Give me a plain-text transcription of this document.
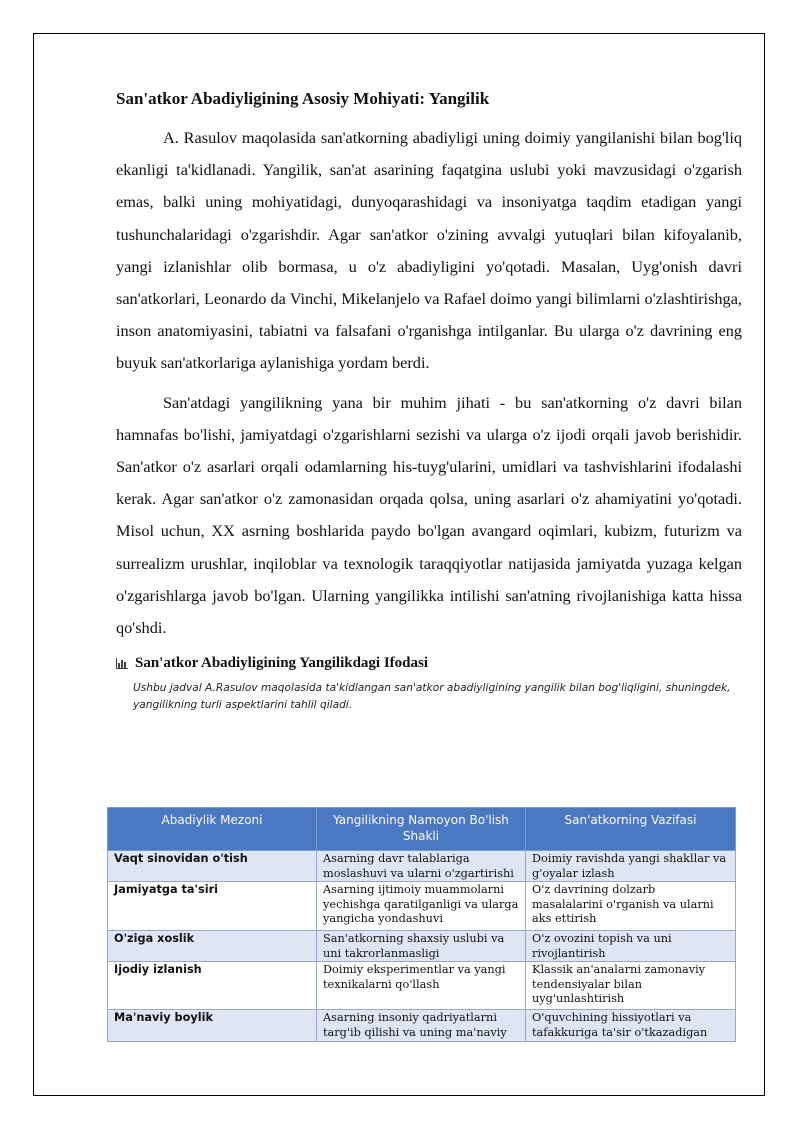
San'atkor Abadiyligining Asosiy Mohiyati: Yangilik

A. Rasulov maqolasida san'atkorning abadiyligi uning doimiy yangilanishi bilan bog'liq ekanligi ta'kidlanadi. Yangilik, san'at asarining faqatgina uslubi yoki mavzusidagi o'zgarish emas, balki uning mohiyatidagi, dunyoqarashidagi va insoniyatga taqdim etadigan yangi tushunchalaridagi o'zgarishdir. Agar san'atkor o'zining avvalgi yutuqlari bilan kifoyalanib, yangi izlanishlar olib bormasa, u o'z abadiyligini yo'qotadi. Masalan, Uyg'onish davri san'atkorlari, Leonardo da Vinchi, Mikelanjelo va Rafael doimo yangi bilimlarni o'zlashtirishga, inson anatomiyasini, tabiatni va falsafani o'rganishga intilganlar. Bu ularga o'z davrining eng buyuk san'atkorlariga aylanishiga yordam berdi.

San'atdagi yangilikning yana bir muhim jihati - bu san'atkorning o'z davri bilan hamnafas bo'lishi, jamiyatdagi o'zgarishlarni sezishi va ularga o'z ijodi orqali javob berishidir. San'atkor o'z asarlari orqali odamlarning his-tuyg'ularini, umidlari va tashvishlarini ifodalashi kerak. Agar san'atkor o'z zamonasidan orqada qolsa, uning asarlari o'z ahamiyatini yo'qotadi. Misol uchun, XX asrning boshlarida paydo bo'lgan avangard oqimlari, kubizm, futurizm va surrealizm urushlar, inqiloblar va texnologik taraqqiyotlar natijasida jamiyatda yuzaga kelgan o'zgarishlarga javob bo'lgan. Ularning yangilikka intilishi san'atning rivojlanishiga katta hissa qo'shdi.

San'atkor Abadiyligining Yangilikdagi Ifodasi
Ushbu jadval A.Rasulov maqolasida ta'kidlangan san'atkor abadiyligining yangilik bilan bog'liqligini, shuningdek, yangilikning turli aspektlarini tahlil qiladi.
Abadiylik Mezoni	Yangilikning Namoyon Bo'lish Shakli	San'atkorning Vazifasi
Vaqt sinovidan o'tish	Asarning davr talablariga moslashuvi va ularni o'zgartirishi	Doimiy ravishda yangi shakllar va g'oyalar izlash
Jamiyatga ta'siri	Asarning ijtimoiy muammolarni yechishga qaratilganligi va ularga yangicha yondashuvi	O'z davrining dolzarb masalalarini o'rganish va ularni aks ettirish
O'ziga xoslik	San'atkorning shaxsiy uslubi va uni takrorlanmasligi	O'z ovozini topish va uni rivojlantirish
Ijodiy izlanish	Doimiy eksperimentlar va yangi texnikalarni qo'llash	Klassik an'analarni zamonaviy tendensiyalar bilan uyg'unlashtirish
Ma'naviy boylik	Asarning insoniy qadriyatlarni targ'ib qilishi va uning ma'naviy	O'quvchining hissiyotlari va tafakkuriga ta'sir o'tkazadigan
